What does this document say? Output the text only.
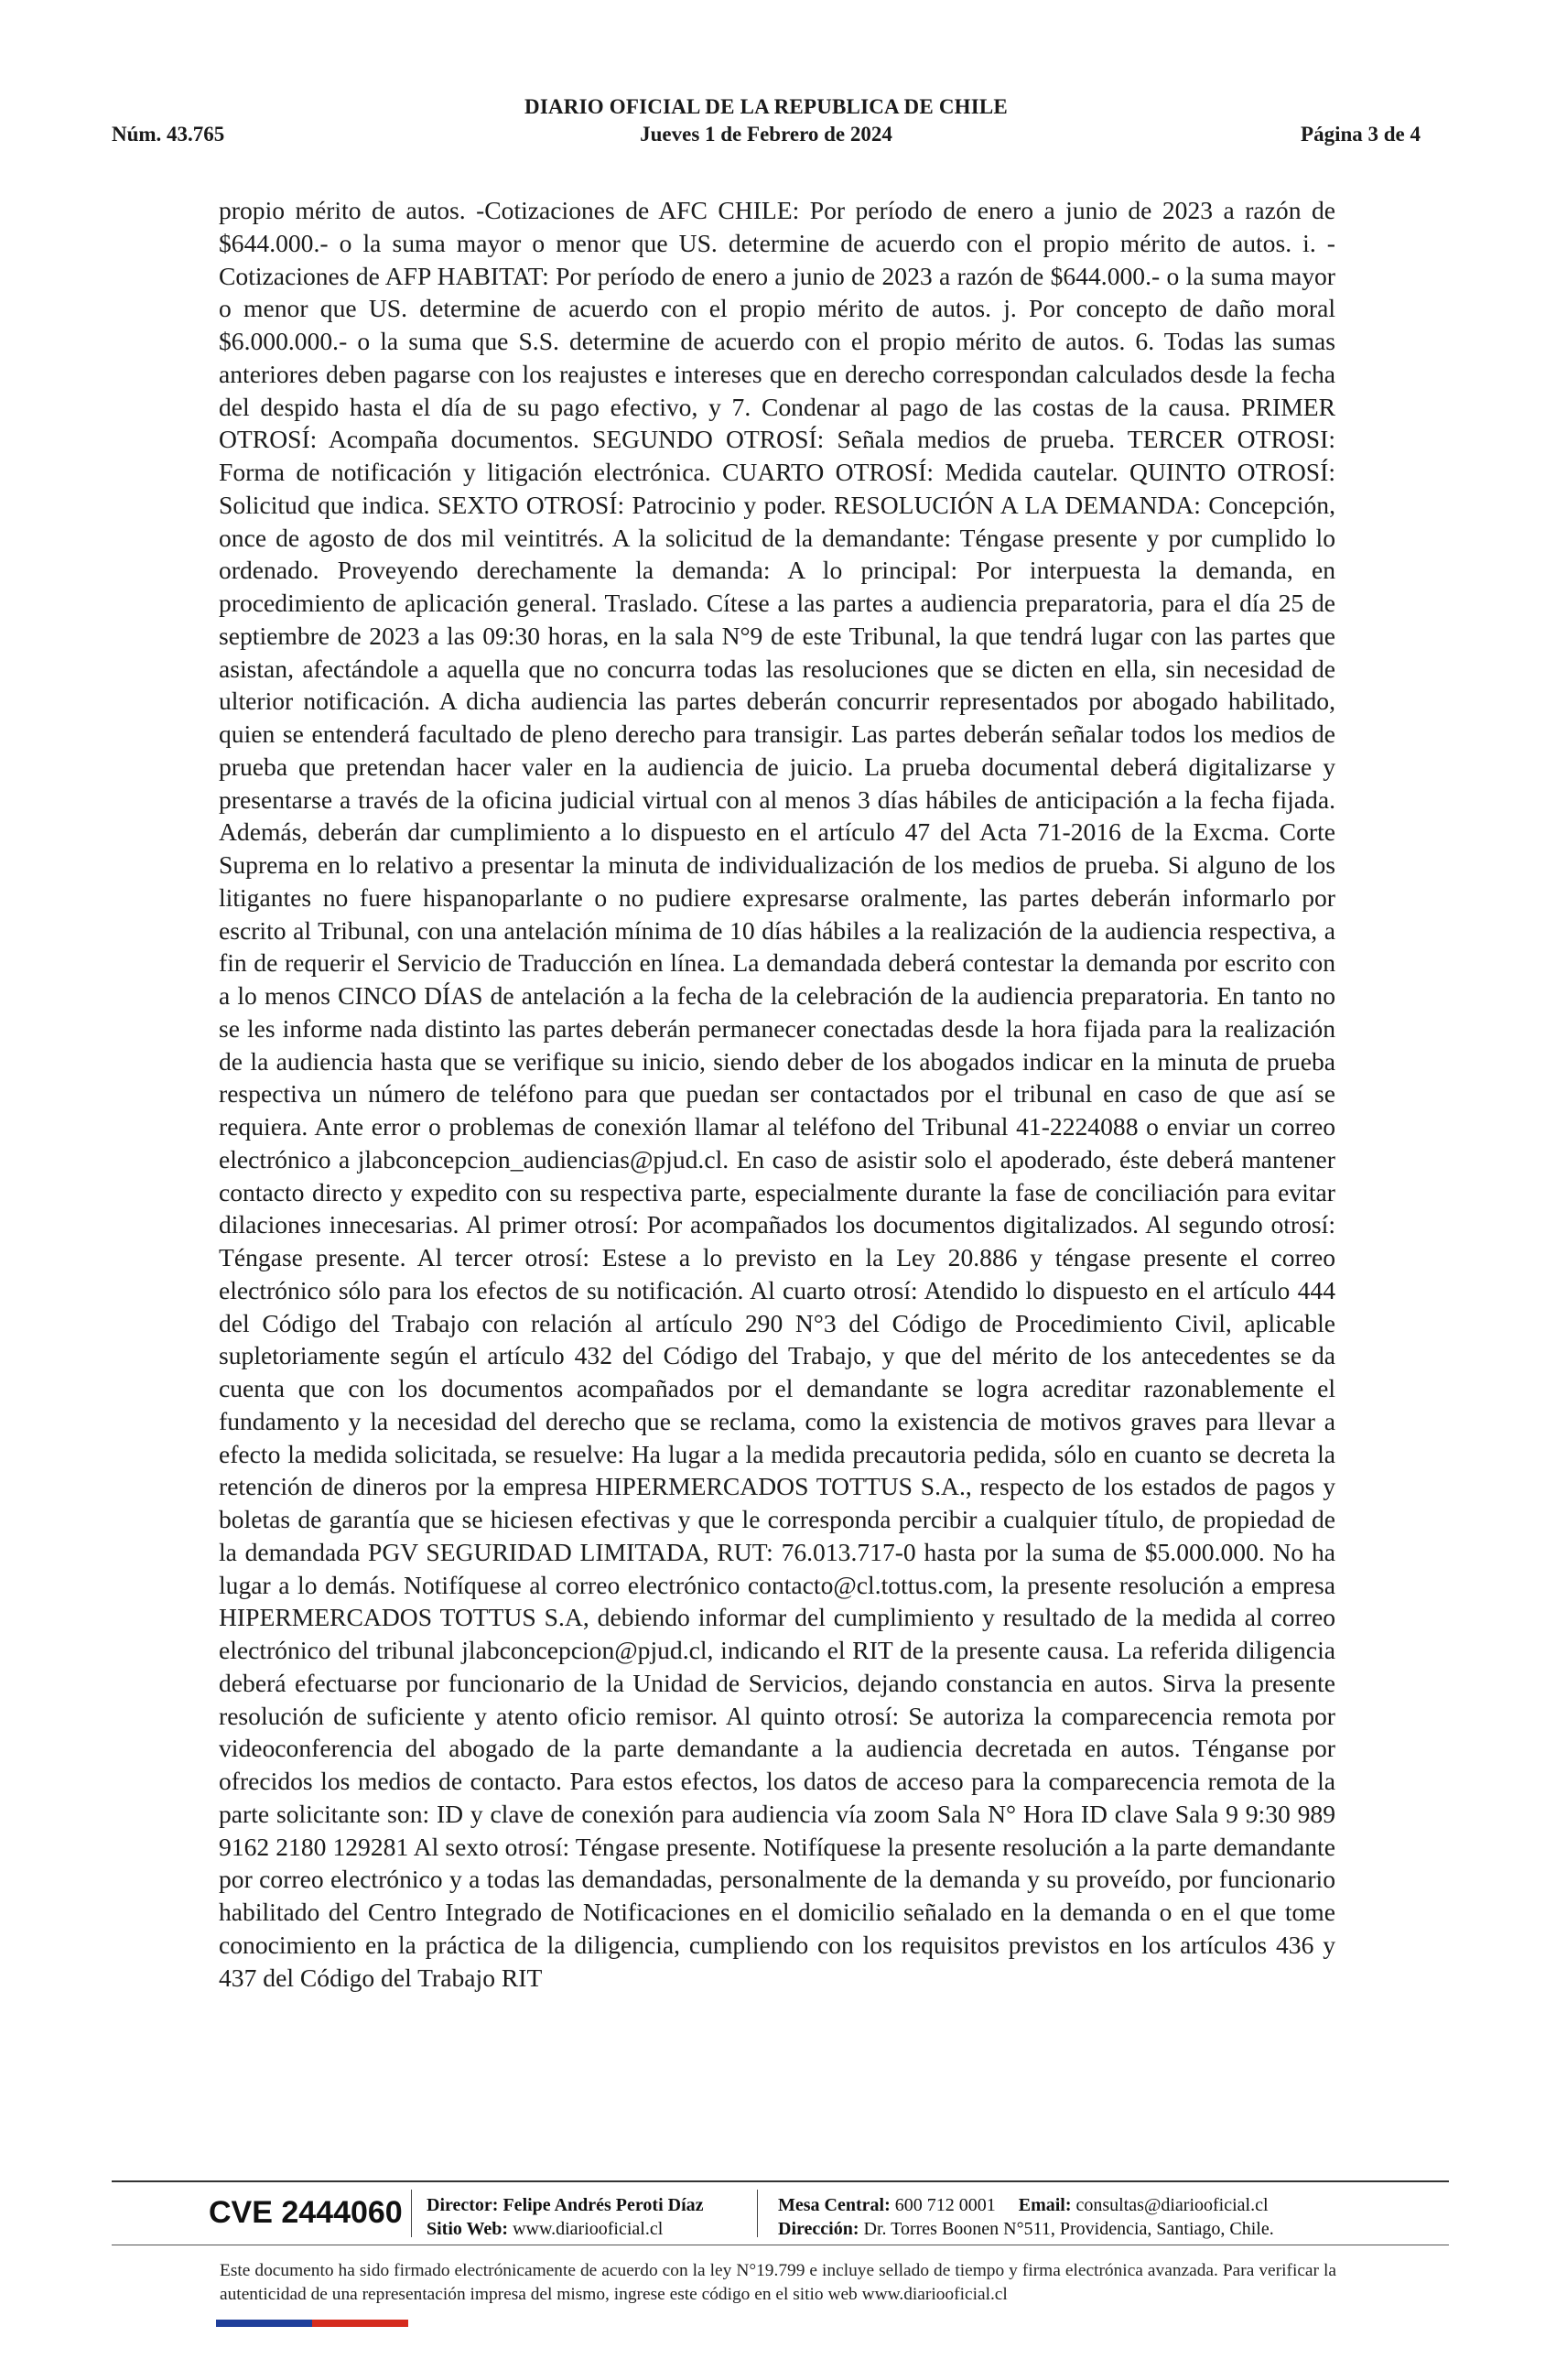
DIARIO OFICIAL DE LA REPUBLICA DE CHILE
Núm. 43.765	Jueves 1 de Febrero de 2024	Página 3 de 4

propio mérito de autos. -Cotizaciones de AFC CHILE: Por período de enero a junio de 2023 a razón de $644.000.- o la suma mayor o menor que US. determine de acuerdo con el propio mérito de autos. i. -Cotizaciones de AFP HABITAT: Por período de enero a junio de 2023 a razón de $644.000.- o la suma mayor o menor que US. determine de acuerdo con el propio mérito de autos. j. Por concepto de daño moral $6.000.000.- o la suma que S.S. determine de acuerdo con el propio mérito de autos. 6. Todas las sumas anteriores deben pagarse con los reajustes e intereses que en derecho correspondan calculados desde la fecha del despido hasta el día de su pago efectivo, y 7. Condenar al pago de las costas de la causa. PRIMER OTROSÍ: Acompaña documentos. SEGUNDO OTROSÍ: Señala medios de prueba. TERCER OTROSI: Forma de notificación y litigación electrónica. CUARTO OTROSÍ: Medida cautelar. QUINTO OTROSÍ: Solicitud que indica. SEXTO OTROSÍ: Patrocinio y poder. RESOLUCIÓN A LA DEMANDA: Concepción, once de agosto de dos mil veintitrés. A la solicitud de la demandante: Téngase presente y por cumplido lo ordenado. Proveyendo derechamente la demanda: A lo principal: Por interpuesta la demanda, en procedimiento de aplicación general. Traslado. Cítese a las partes a audiencia preparatoria, para el día 25 de septiembre de 2023 a las 09:30 horas, en la sala N°9 de este Tribunal, la que tendrá lugar con las partes que asistan, afectándole a aquella que no concurra todas las resoluciones que se dicten en ella, sin necesidad de ulterior notificación. A dicha audiencia las partes deberán concurrir representados por abogado habilitado, quien se entenderá facultado de pleno derecho para transigir. Las partes deberán señalar todos los medios de prueba que pretendan hacer valer en la audiencia de juicio. La prueba documental deberá digitalizarse y presentarse a través de la oficina judicial virtual con al menos 3 días hábiles de anticipación a la fecha fijada. Además, deberán dar cumplimiento a lo dispuesto en el artículo 47 del Acta 71-2016 de la Excma. Corte Suprema en lo relativo a presentar la minuta de individualización de los medios de prueba. Si alguno de los litigantes no fuere hispanoparlante o no pudiere expresarse oralmente, las partes deberán informarlo por escrito al Tribunal, con una antelación mínima de 10 días hábiles a la realización de la audiencia respectiva, a fin de requerir el Servicio de Traducción en línea. La demandada deberá contestar la demanda por escrito con a lo menos CINCO DÍAS de antelación a la fecha de la celebración de la audiencia preparatoria. En tanto no se les informe nada distinto las partes deberán permanecer conectadas desde la hora fijada para la realización de la audiencia hasta que se verifique su inicio, siendo deber de los abogados indicar en la minuta de prueba respectiva un número de teléfono para que puedan ser contactados por el tribunal en caso de que así se requiera. Ante error o problemas de conexión llamar al teléfono del Tribunal 41-2224088 o enviar un correo electrónico a jlabconcepcion_audiencias@pjud.cl. En caso de asistir solo el apoderado, éste deberá mantener contacto directo y expedito con su respectiva parte, especialmente durante la fase de conciliación para evitar dilaciones innecesarias. Al primer otrosí: Por acompañados los documentos digitalizados. Al segundo otrosí: Téngase presente. Al tercer otrosí: Estese a lo previsto en la Ley 20.886 y téngase presente el correo electrónico sólo para los efectos de su notificación. Al cuarto otrosí: Atendido lo dispuesto en el artículo 444 del Código del Trabajo con relación al artículo 290 N°3 del Código de Procedimiento Civil, aplicable supletoriamente según el artículo 432 del Código del Trabajo, y que del mérito de los antecedentes se da cuenta que con los documentos acompañados por el demandante se logra acreditar razonablemente el fundamento y la necesidad del derecho que se reclama, como la existencia de motivos graves para llevar a efecto la medida solicitada, se resuelve: Ha lugar a la medida precautoria pedida, sólo en cuanto se decreta la retención de dineros por la empresa HIPERMERCADOS TOTTUS S.A., respecto de los estados de pagos y boletas de garantía que se hiciesen efectivas y que le corresponda percibir a cualquier título, de propiedad de la demandada PGV SEGURIDAD LIMITADA, RUT: 76.013.717-0 hasta por la suma de $5.000.000. No ha lugar a lo demás. Notifíquese al correo electrónico contacto@cl.tottus.com, la presente resolución a empresa HIPERMERCADOS TOTTUS S.A, debiendo informar del cumplimiento y resultado de la medida al correo electrónico del tribunal jlabconcepcion@pjud.cl, indicando el RIT de la presente causa. La referida diligencia deberá efectuarse por funcionario de la Unidad de Servicios, dejando constancia en autos. Sirva la presente resolución de suficiente y atento oficio remisor. Al quinto otrosí: Se autoriza la comparecencia remota por videoconferencia del abogado de la parte demandante a la audiencia decretada en autos. Ténganse por ofrecidos los medios de contacto. Para estos efectos, los datos de acceso para la comparecencia remota de la parte solicitante son: ID y clave de conexión para audiencia vía zoom Sala N° Hora ID clave Sala 9 9:30 989 9162 2180 129281 Al sexto otrosí: Téngase presente. Notifíquese la presente resolución a la parte demandante por correo electrónico y a todas las demandadas, personalmente de la demanda y su proveído, por funcionario habilitado del Centro Integrado de Notificaciones en el domicilio señalado en la demanda o en el que tome conocimiento en la práctica de la diligencia, cumpliendo con los requisitos previstos en los artículos 436 y 437 del Código del Trabajo RIT

CVE 2444060 Director: Felipe Andrés Peroti Díaz
Sitio Web: www.diariooficial.cl
Mesa Central: 600 712 0001 Email: consultas@diariooficial.cl
Dirección: Dr. Torres Boonen N°511, Providencia, Santiago, Chile.

Este documento ha sido firmado electrónicamente de acuerdo con la ley N°19.799 e incluye sellado de tiempo y firma electrónica avanzada. Para verificar la autenticidad de una representación impresa del mismo, ingrese este código en el sitio web www.diariooficial.cl
